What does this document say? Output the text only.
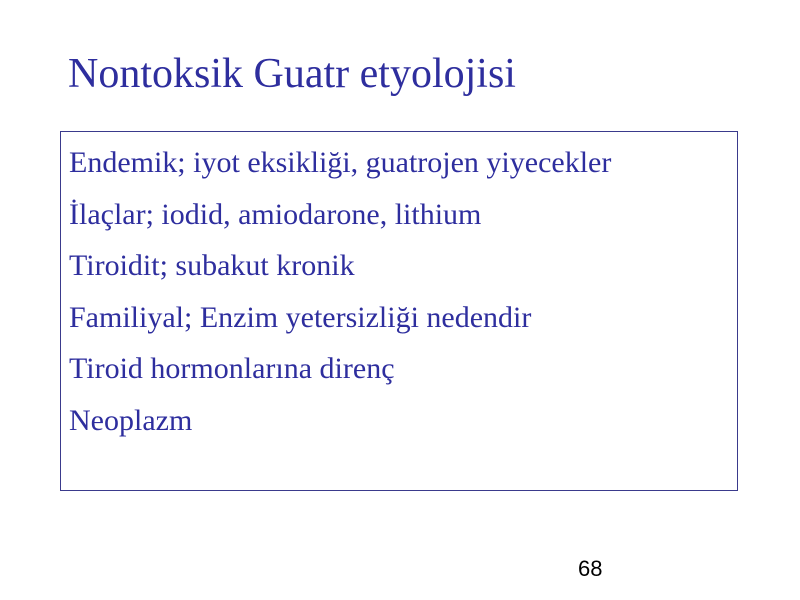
Nontoksik Guatr etyolojisi
Endemik; iyot eksikliği, guatrojen yiyecekler
İlaçlar; iodid, amiodarone, lithium
Tiroidit; subakut kronik
Familiyal; Enzim yetersizliği nedendir
Tiroid hormonlarına direnç
Neoplazm
68
